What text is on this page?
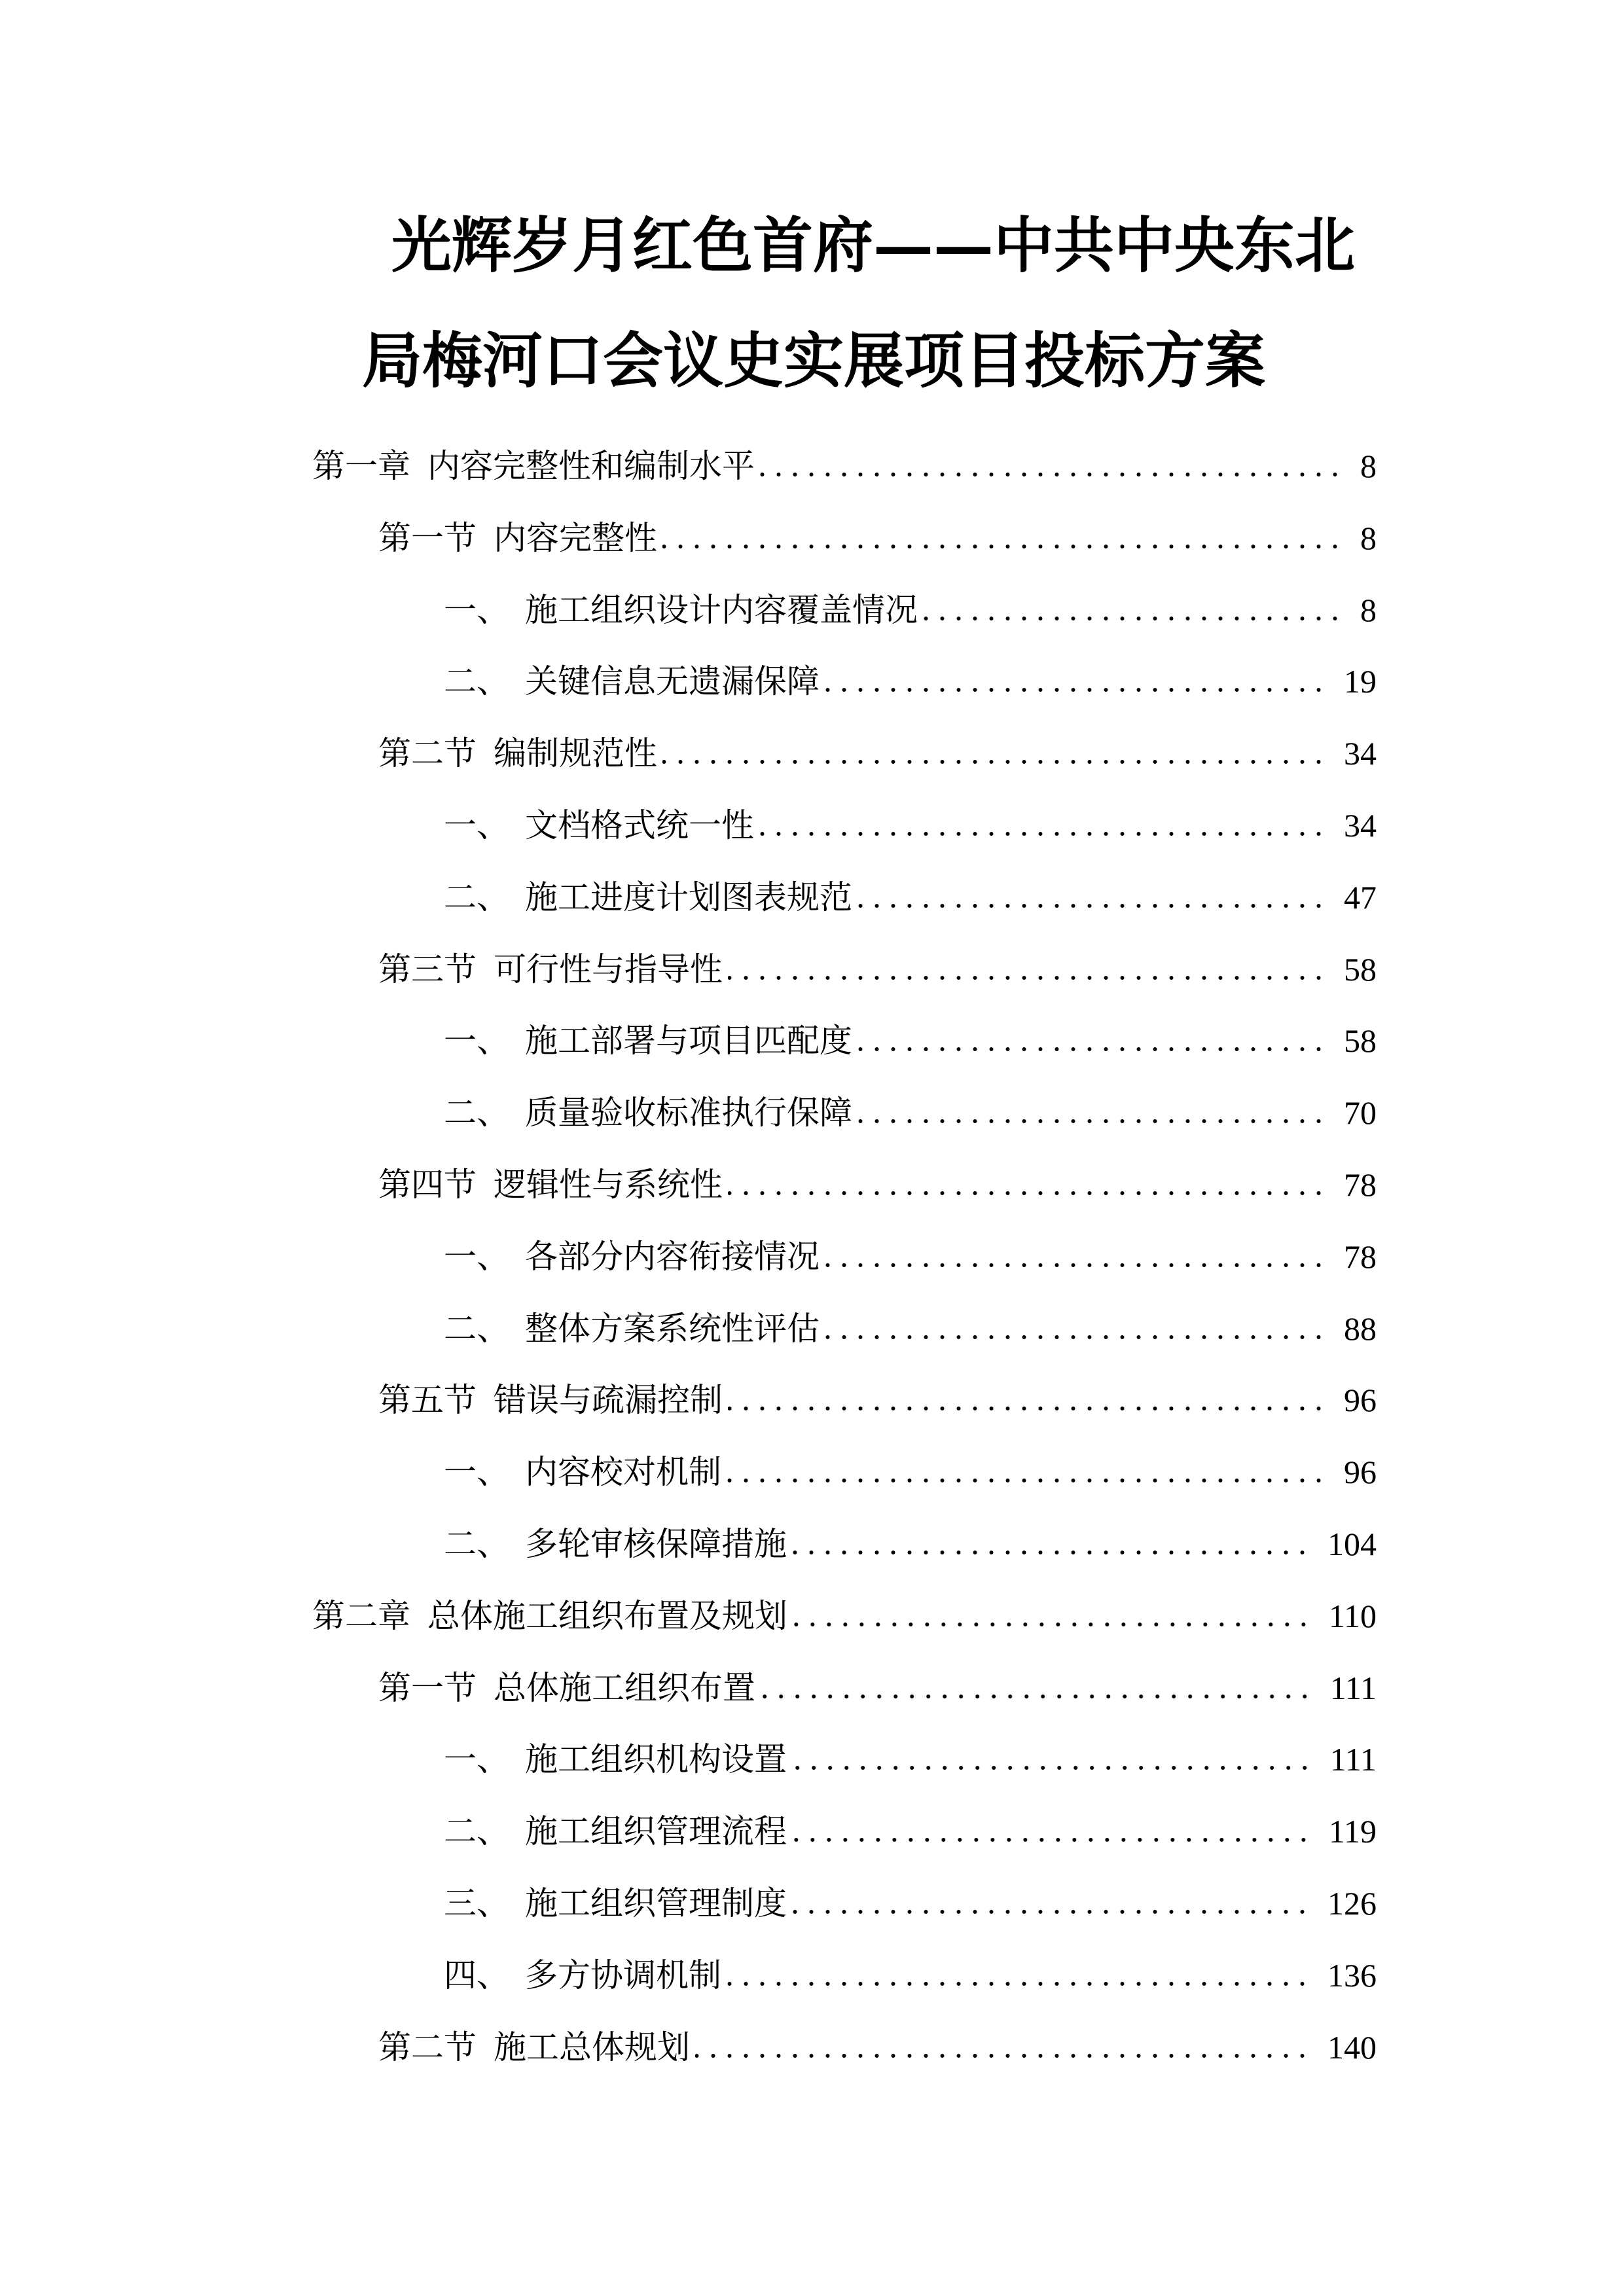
光辉岁月红色首府——中共中央东北
局梅河口会议史实展项目投标方案
第一章 内容完整性和编制水平	8
第一节 内容完整性	8
一、 施工组织设计内容覆盖情况	8
二、 关键信息无遗漏保障	19
第二节 编制规范性	34
一、 文档格式统一性	34
二、 施工进度计划图表规范	47
第三节 可行性与指导性	58
一、 施工部署与项目匹配度	58
二、 质量验收标准执行保障	70
第四节 逻辑性与系统性	78
一、 各部分内容衔接情况	78
二、 整体方案系统性评估	88
第五节 错误与疏漏控制	96
一、 内容校对机制	96
二、 多轮审核保障措施	104
第二章 总体施工组织布置及规划	110
第一节 总体施工组织布置	111
一、 施工组织机构设置	111
二、 施工组织管理流程	119
三、 施工组织管理制度	126
四、 多方协调机制	136
第二节 施工总体规划	140
